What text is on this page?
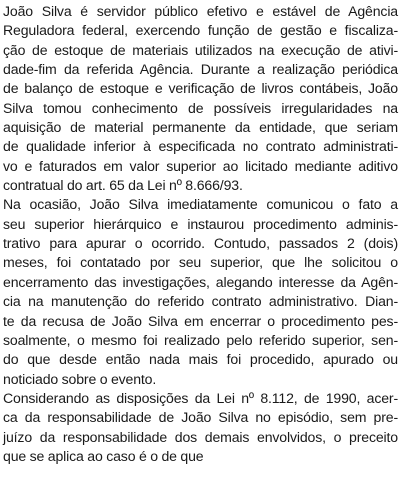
João Silva é servidor público efetivo e estável de Agência
Reguladora federal, exercendo função de gestão e fiscaliza-
ção de estoque de materiais utilizados na execução de ativi-
dade-fim da referida Agência. Durante a realização periódica
de balanço de estoque e verificação de livros contábeis, João
Silva tomou conhecimento de possíveis irregularidades na
aquisição de material permanente da entidade, que seriam
de qualidade inferior à especificada no contrato administrati-
vo e faturados em valor superior ao licitado mediante aditivo
contratual do art. 65 da Lei nº 8.666/93.

Na ocasião, João Silva imediatamente comunicou o fato a
seu superior hierárquico e instaurou procedimento adminis-
trativo para apurar o ocorrido. Contudo, passados 2 (dois)
meses, foi contatado por seu superior, que lhe solicitou o
encerramento das investigações, alegando interesse da Agên-
cia na manutenção do referido contrato administrativo. Dian-
te da recusa de João Silva em encerrar o procedimento pes-
soalmente, o mesmo foi realizado pelo referido superior, sen-
do que desde então nada mais foi procedido, apurado ou
noticiado sobre o evento.

Considerando as disposições da Lei nº 8.112, de 1990, acer-
ca da responsabilidade de João Silva no episódio, sem pre-
juízo da responsabilidade dos demais envolvidos, o preceito
que se aplica ao caso é o de que
